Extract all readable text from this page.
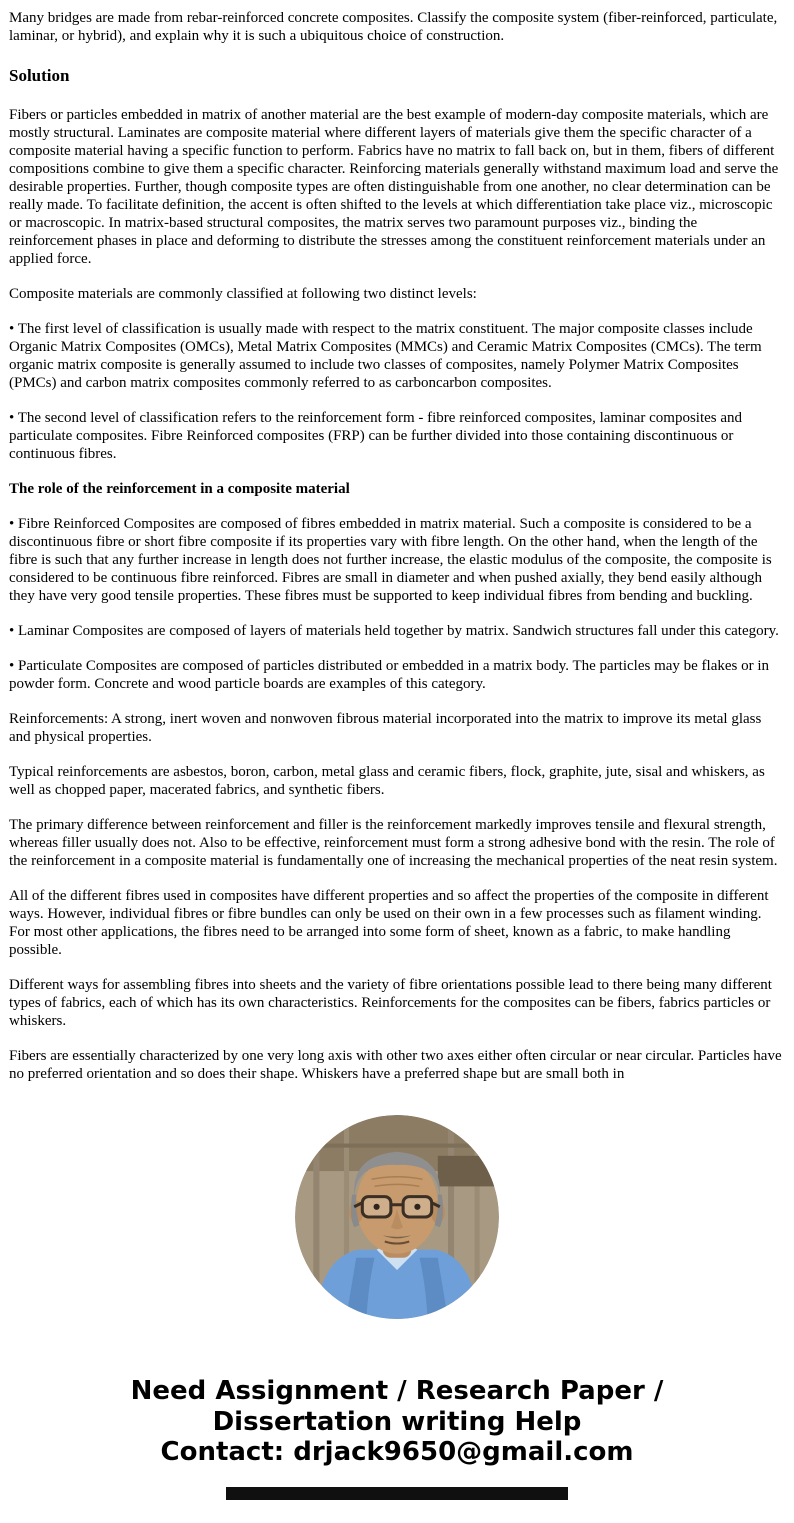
Many bridges are made from rebar-reinforced concrete composites. Classify the composite system (fiber-reinforced, particulate, laminar, or hybrid), and explain why it is such a ubiquitous choice of construction.

Solution

Fibers or particles embedded in matrix of another material are the best example of modern-day composite materials, which are mostly structural. Laminates are composite material where different layers of materials give them the specific character of a composite material having a specific function to perform. Fabrics have no matrix to fall back on, but in them, fibers of different compositions combine to give them a specific character. Reinforcing materials generally withstand maximum load and serve the desirable properties. Further, though composite types are often distinguishable from one another, no clear determination can be really made. To facilitate definition, the accent is often shifted to the levels at which differentiation take place viz., microscopic or macroscopic. In matrix-based structural composites, the matrix serves two paramount purposes viz., binding the reinforcement phases in place and deforming to distribute the stresses among the constituent reinforcement materials under an applied force.

Composite materials are commonly classified at following two distinct levels:

• The first level of classification is usually made with respect to the matrix constituent. The major composite classes include Organic Matrix Composites (OMCs), Metal Matrix Composites (MMCs) and Ceramic Matrix Composites (CMCs). The term organic matrix composite is generally assumed to include two classes of composites, namely Polymer Matrix Composites (PMCs) and carbon matrix composites commonly referred to as carboncarbon composites.

• The second level of classification refers to the reinforcement form - fibre reinforced composites, laminar composites and particulate composites. Fibre Reinforced composites (FRP) can be further divided into those containing discontinuous or continuous fibres.

The role of the reinforcement in a composite material

• Fibre Reinforced Composites are composed of fibres embedded in matrix material. Such a composite is considered to be a discontinuous fibre or short fibre composite if its properties vary with fibre length. On the other hand, when the length of the fibre is such that any further increase in length does not further increase, the elastic modulus of the composite, the composite is considered to be continuous fibre reinforced. Fibres are small in diameter and when pushed axially, they bend easily although they have very good tensile properties. These fibres must be supported to keep individual fibres from bending and buckling.

• Laminar Composites are composed of layers of materials held together by matrix. Sandwich structures fall under this category.

• Particulate Composites are composed of particles distributed or embedded in a matrix body. The particles may be flakes or in powder form. Concrete and wood particle boards are examples of this category.

Reinforcements: A strong, inert woven and nonwoven fibrous material incorporated into the matrix to improve its metal glass and physical properties.

Typical reinforcements are asbestos, boron, carbon, metal glass and ceramic fibers, flock, graphite, jute, sisal and whiskers, as well as chopped paper, macerated fabrics, and synthetic fibers.

The primary difference between reinforcement and filler is the reinforcement markedly improves tensile and flexural strength, whereas filler usually does not. Also to be effective, reinforcement must form a strong adhesive bond with the resin. The role of the reinforcement in a composite material is fundamentally one of increasing the mechanical properties of the neat resin system.

All of the different fibres used in composites have different properties and so affect the properties of the composite in different ways. However, individual fibres or fibre bundles can only be used on their own in a few processes such as filament winding. For most other applications, the fibres need to be arranged into some form of sheet, known as a fabric, to make handling possible.

Different ways for assembling fibres into sheets and the variety of fibre orientations possible lead to there being many different types of fabrics, each of which has its own characteristics. Reinforcements for the composites can be fibers, fabrics particles or whiskers.

Fibers are essentially characterized by one very long axis with other two axes either often circular or near circular. Particles have no preferred orientation and so does their shape. Whiskers have a preferred shape but are small both in

Need Assignment / Research Paper / Dissertation writing Help
Contact: drjack9650@gmail.com
